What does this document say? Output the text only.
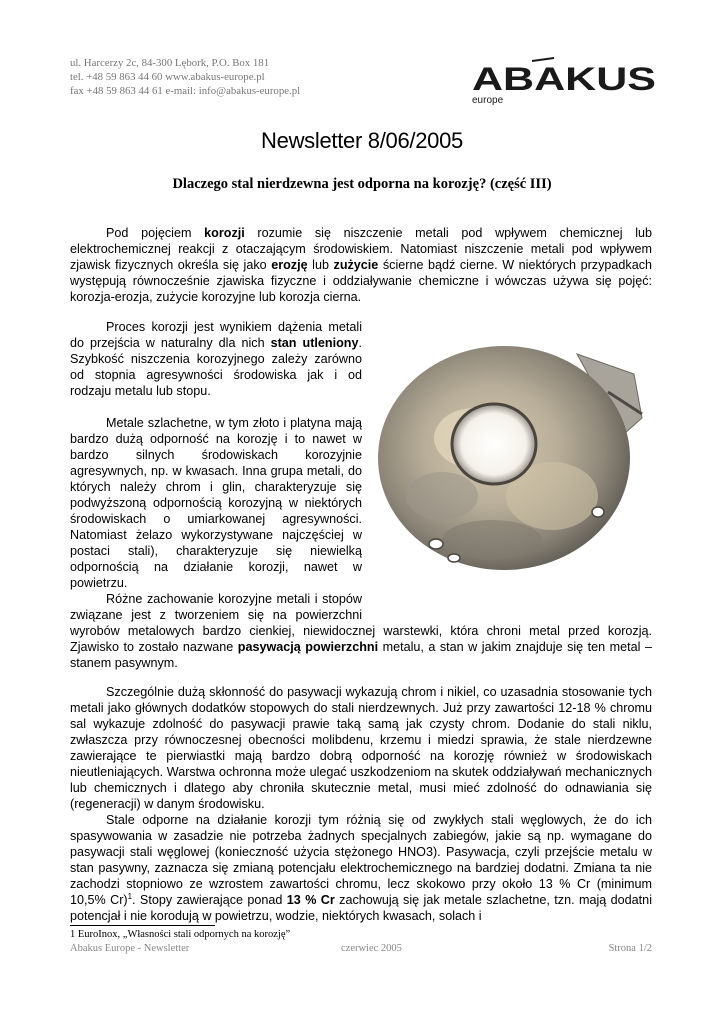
ul. Harcerzy 2c, 84-300 Lębork, P.O. Box 181
tel. +48 59 863 44 60 www.abakus-europe.pl
fax +48 59 863 44 61 e-mail: info@abakus-europe.pl	ABAKUS
europe
Newsletter 8/06/2005
Dlaczego stal nierdzewna jest odporna na korozję? (część III)

Pod pojęciem korozji rozumie się niszczenie metali pod wpływem chemicznej lub elektrochemicznej reakcji z otaczającym środowiskiem. Natomiast niszczenie metali pod wpływem zjawisk fizycznych określa się jako erozję lub zużycie ścierne bądź cierne. W niektórych przypadkach występują równocześnie zjawiska fizyczne i oddziaływanie chemiczne i wówczas używa się pojęć: korozja-erozja, zużycie korozyjne lub korozja cierna.

Proces korozji jest wynikiem dążenia metali do przejścia w naturalny dla nich stan utleniony. Szybkość niszczenia korozyjnego zależy zarówno od stopnia agresywności środowiska jak i od rodzaju metalu lub stopu.

Metale szlachetne, w tym złoto i platyna mają bardzo dużą odporność na korozję i to nawet w bardzo silnych środowiskach korozyjnie agresywnych, np. w kwasach. Inna grupa metali, do których należy chrom i glin, charakteryzuje się podwyższoną odpornością korozyjną w niektórych środowiskach o umiarkowanej agresywności. Natomiast żelazo wykorzystywane najczęściej w postaci stali), charakteryzuje się niewielką odpornością na działanie korozji, nawet w powietrzu.

Różne zachowanie korozyjne metali i stopów związane jest z tworzeniem się na powierzchni wyrobów metalowych bardzo cienkiej, niewidocznej warstewki, która chroni metal przed korozją. Zjawisko to zostało nazwane pasywacją powierzchni metalu, a stan w jakim znajduje się ten metal – stanem pasywnym.

Szczególnie dużą skłonność do pasywacji wykazują chrom i nikiel, co uzasadnia stosowanie tych metali jako głównych dodatków stopowych do stali nierdzewnych. Już przy zawartości 12-18 % chromu sal wykazuje zdolność do pasywacji prawie taką samą jak czysty chrom. Dodanie do stali niklu, zwłaszcza przy równoczesnej obecności molibdenu, krzemu i miedzi sprawia, że stale nierdzewne zawierające te pierwiastki mają bardzo dobrą odporność na korozję również w środowiskach nieutleniających. Warstwa ochronna może ulegać uszkodzeniom na skutek oddziaływań mechanicznych lub chemicznych i dlatego aby chroniła skutecznie metal, musi mieć zdolność do odnawiania się (regeneracji) w danym środowisku.

Stale odporne na działanie korozji tym różnią się od zwykłych stali węglowych, że do ich spasywowania w zasadzie nie potrzeba żadnych specjalnych zabiegów, jakie są np. wymagane do pasywacji stali węglowej (konieczność użycia stężonego HNO3). Pasywacja, czyli przejście metalu w stan pasywny, zaznacza się zmianą potencjału elektrochemicznego na bardziej dodatni. Zmiana ta nie zachodzi stopniowo ze wzrostem zawartości chromu, lecz skokowo przy około 13 % Cr (minimum 10,5% Cr)$^1$. Stopy zawierające ponad 13 % Cr zachowują się jak metale szlachetne, tzn. mają dodatni potencjał i nie korodują w powietrzu, wodzie, niektórych kwasach, solach i

1 EuroInox, „Własności stali odpornych na korozję”
Abakus Europe - Newsletter	czerwiec 2005	Strona 1/2
